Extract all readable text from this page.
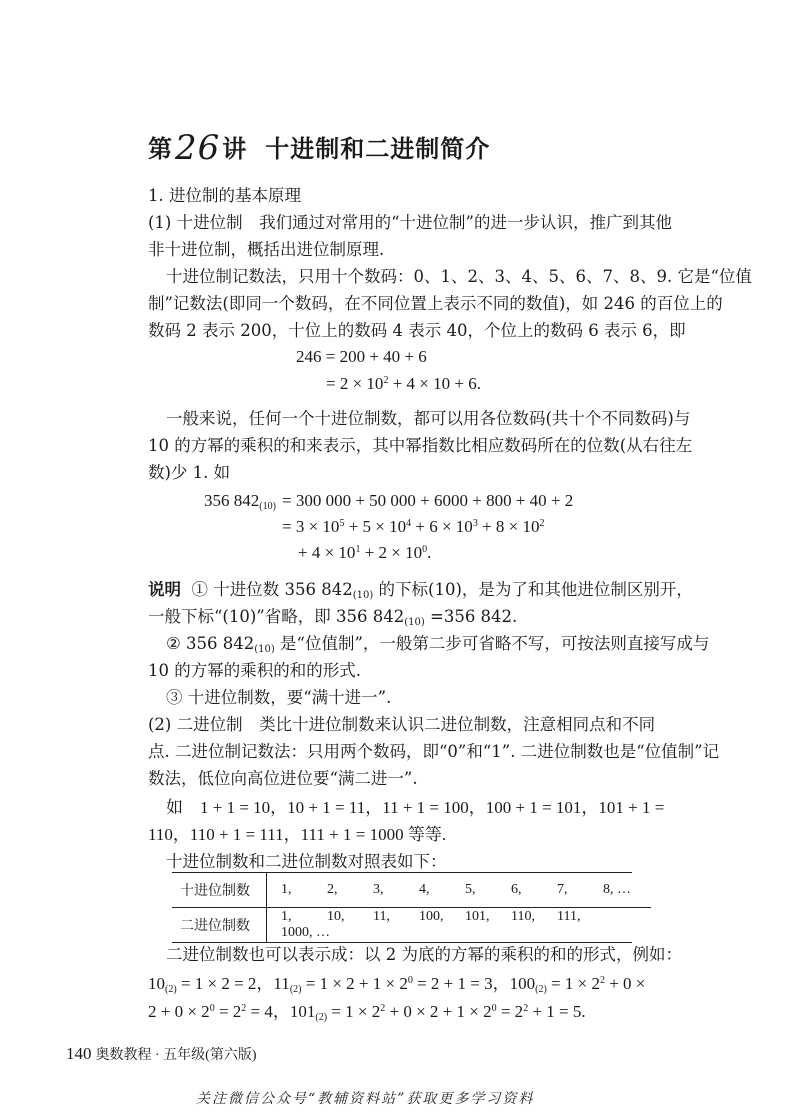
第26讲 十进制和二进制简介
1. 进位制的基本原理
(1) 十进位制　我们通过对常用的“十进位制”的进一步认识，推广到其他
非十进位制，概括出进位制原理.
十进位制记数法，只用十个数码：0、1、2、3、4、5、6、7、8、9. 它是“位值
制”记数法(即同一个数码，在不同位置上表示不同的数值)，如 246 的百位上的
数码 2 表示 200，十位上的数码 4 表示 40，个位上的数码 6 表示 6，即
246 = 200 + 40 + 6
= $2 \times 10^2 + 4 \times 10 + 6$.
一般来说，任何一个十进位制数，都可以用各位数码(共十个不同数码)与
10 的方幂的乘积的和来表示，其中幂指数比相应数码所在的位数(从右往左
数)少 1. 如
356 $842_{(10)} = 300$ 000 + 50 000 + 6000 + 800 + 40 + 2
= $3 \times 10^5 + 5 \times 10^4 + 6 \times 10^3 + 8 \times 10^2$
+ $4 \times 10^1 + 2 \times 10^0$.
说明 ① 十进位数 356 $842_{(10)}$ 的下标(10)，是为了和其他进位制区别开，
一般下标“(10)”省略，即 356 $842_{(10)} =356$ 842.
② 356 $842_{(10)}$ 是“位值制”，一般第二步可省略不写，可按法则直接写成与
10 的方幂的乘积的和的形式.
③ 十进位制数，要“满十进一”.
(2) 二进位制　类比十进位制数来认识二进位制数，注意相同点和不同
点. 二进位制记数法：只用两个数码，即“0”和“1”. 二进位制数也是“位值制”记
数法，低位向高位进位要“满二进一”.
如　1 + 1 = 10，10 + 1 = 11，11 + 1 = 100，100 + 1 = 101，101 + 1 =
110，110 + 1 = 111，111 + 1 = 1000 等等.
十进位制数和二进位制数对照表如下：
十进位制数	1, 2, 3, 4, 5, 6, 7, 8, …
二进位制数	1, 10, 11, 100, 101, 110, 111,1000, …
二进位制数也可以表示成：以 2 为底的方幂的乘积的和的形式，例如：
$10_{(2)} = 1 \times 2 = 2$，$11_{(2)} = 1 \times 2 + 1 \times 2^0 = 2 + 1 = 3$，$100_{(2)} = 1 \times 2^2 + 0$ ×
$2 + 0 \times 2^0 = 2^2 = 4$，$101_{(2)} = 1 \times 2^2 + 0 \times 2 + 1 \times 2^0 = 2^2 + 1 = 5$.
140 奥数教程 · 五年级(第六版)
关注微信公众号“教辅资料站”获取更多学习资料
